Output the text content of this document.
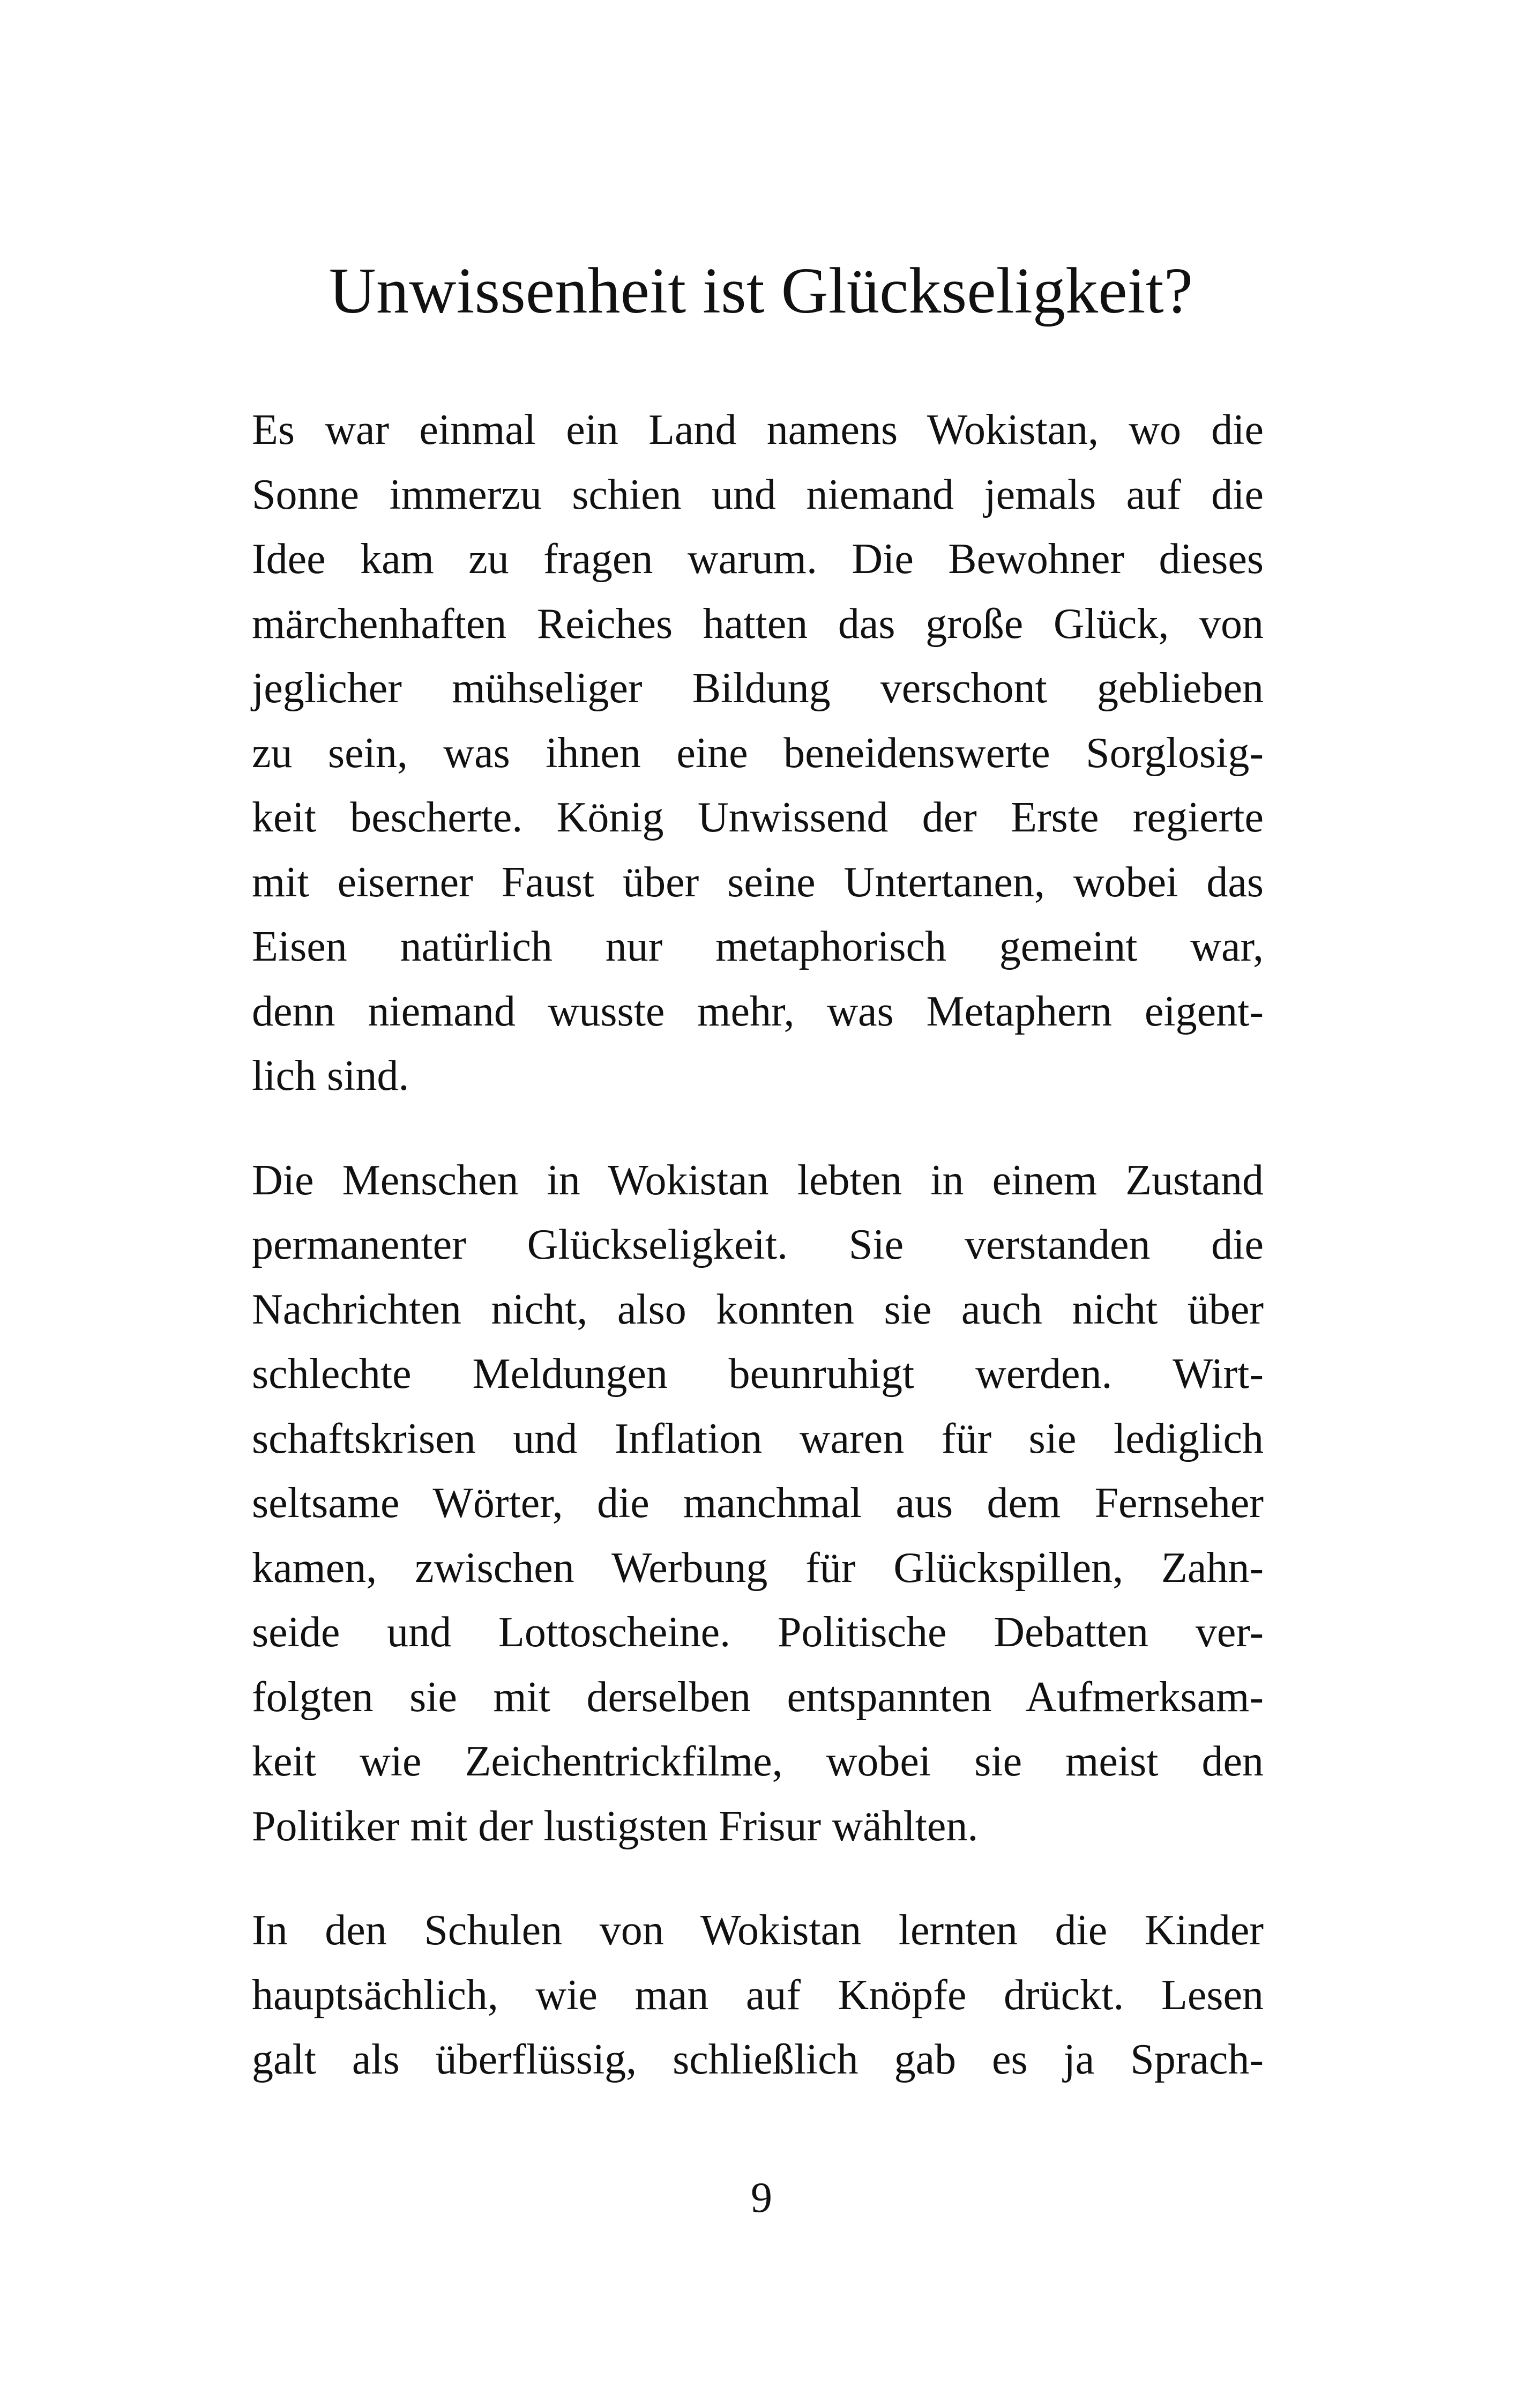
Unwissenheit ist Glückseligkeit?

Es war einmal ein Land namens Wokistan, wo die
Sonne immerzu schien und niemand jemals auf die
Idee kam zu fragen warum. Die Bewohner dieses
märchenhaften Reiches hatten das große Glück, von
jeglicher mühseliger Bildung verschont geblieben
zu sein, was ihnen eine beneidenswerte Sorglosig-
keit bescherte. König Unwissend der Erste regierte
mit eiserner Faust über seine Untertanen, wobei das
Eisen natürlich nur metaphorisch gemeint war,
denn niemand wusste mehr, was Metaphern eigent-
lich sind.

Die Menschen in Wokistan lebten in einem Zustand
permanenter Glückseligkeit. Sie verstanden die
Nachrichten nicht, also konnten sie auch nicht über
schlechte Meldungen beunruhigt werden. Wirt-
schaftskrisen und Inflation waren für sie lediglich
seltsame Wörter, die manchmal aus dem Fernseher
kamen, zwischen Werbung für Glückspillen, Zahn-
seide und Lottoscheine. Politische Debatten ver-
folgten sie mit derselben entspannten Aufmerksam-
keit wie Zeichentrickfilme, wobei sie meist den
Politiker mit der lustigsten Frisur wählten.

In den Schulen von Wokistan lernten die Kinder
hauptsächlich, wie man auf Knöpfe drückt. Lesen
galt als überflüssig, schließlich gab es ja Sprach-

9
